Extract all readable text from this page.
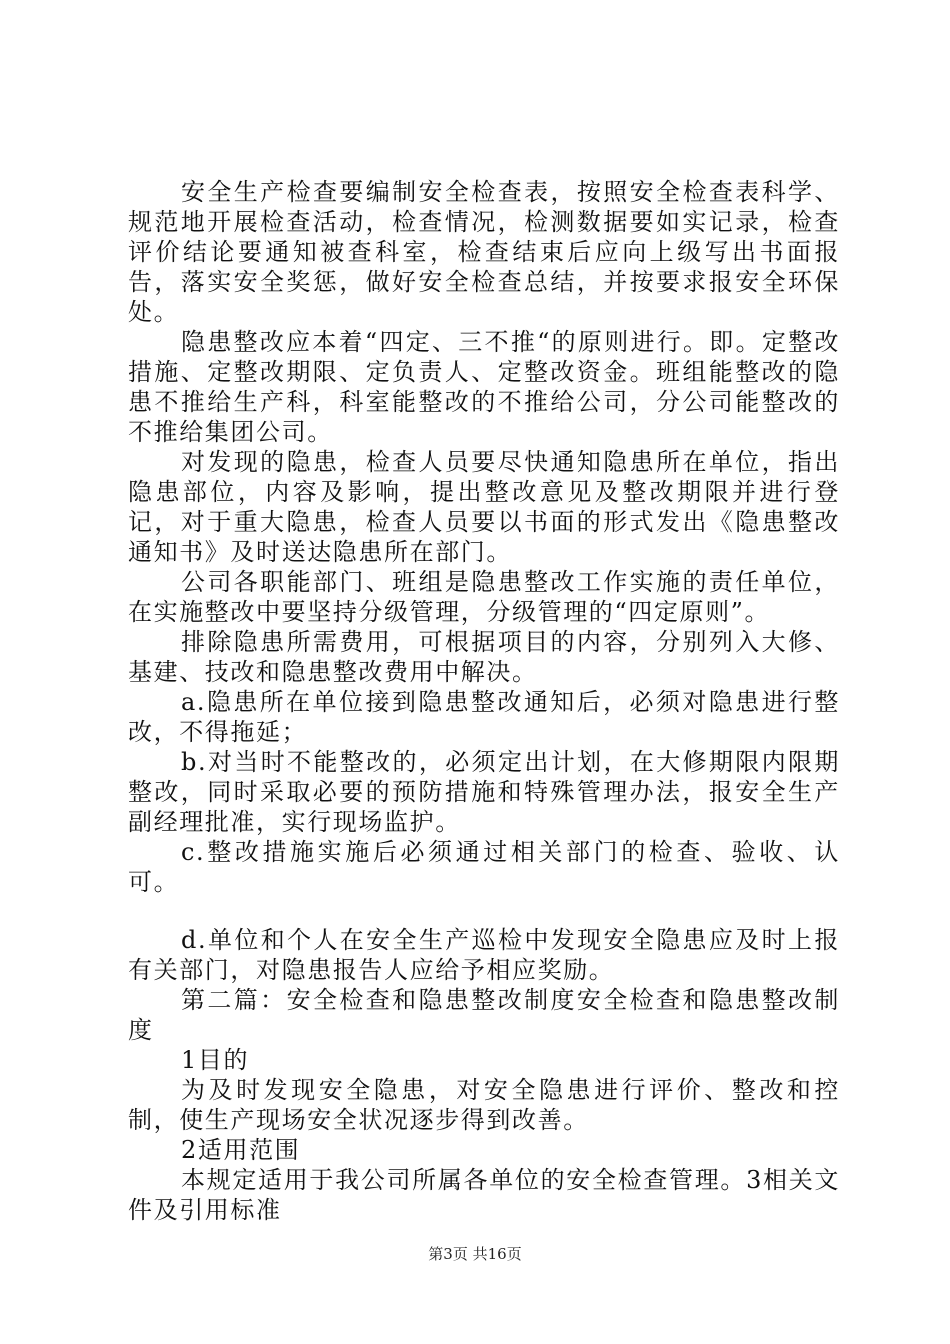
安全生产检查要编制安全检查表，按照安全检查表科学、规范地开展检查活动，检查情况，检测数据要如实记录，检查评价结论要通知被查科室，检查结束后应向上级写出书面报告，落实安全奖惩，做好安全检查总结，并按要求报安全环保处。

隐患整改应本着“四定、三不推“的原则进行。即。定整改措施、定整改期限、定负责人、定整改资金。班组能整改的隐患不推给生产科，科室能整改的不推给公司，分公司能整改的不推给集团公司。

对发现的隐患，检查人员要尽快通知隐患所在单位，指出隐患部位，内容及影响，提出整改意见及整改期限并进行登记，对于重大隐患，检查人员要以书面的形式发出《隐患整改通知书》及时送达隐患所在部门。

公司各职能部门、班组是隐患整改工作实施的责任单位，在实施整改中要坚持分级管理，分级管理的“四定原则”。

排除隐患所需费用，可根据项目的内容，分别列入大修、基建、技改和隐患整改费用中解决。

a.隐患所在单位接到隐患整改通知后，必须对隐患进行整改，不得拖延；

b.对当时不能整改的，必须定出计划，在大修期限内限期整改，同时采取必要的预防措施和特殊管理办法，报安全生产副经理批准，实行现场监护。

c.整改措施实施后必须通过相关部门的检查、验收、认可。

d.单位和个人在安全生产巡检中发现安全隐患应及时上报有关部门，对隐患报告人应给予相应奖励。

第二篇：安全检查和隐患整改制度安全检查和隐患整改制度

1目的

为及时发现安全隐患，对安全隐患进行评价、整改和控制，使生产现场安全状况逐步得到改善。

2适用范围

本规定适用于我公司所属各单位的安全检查管理。3相关文件及引用标准

第3页 共16页
